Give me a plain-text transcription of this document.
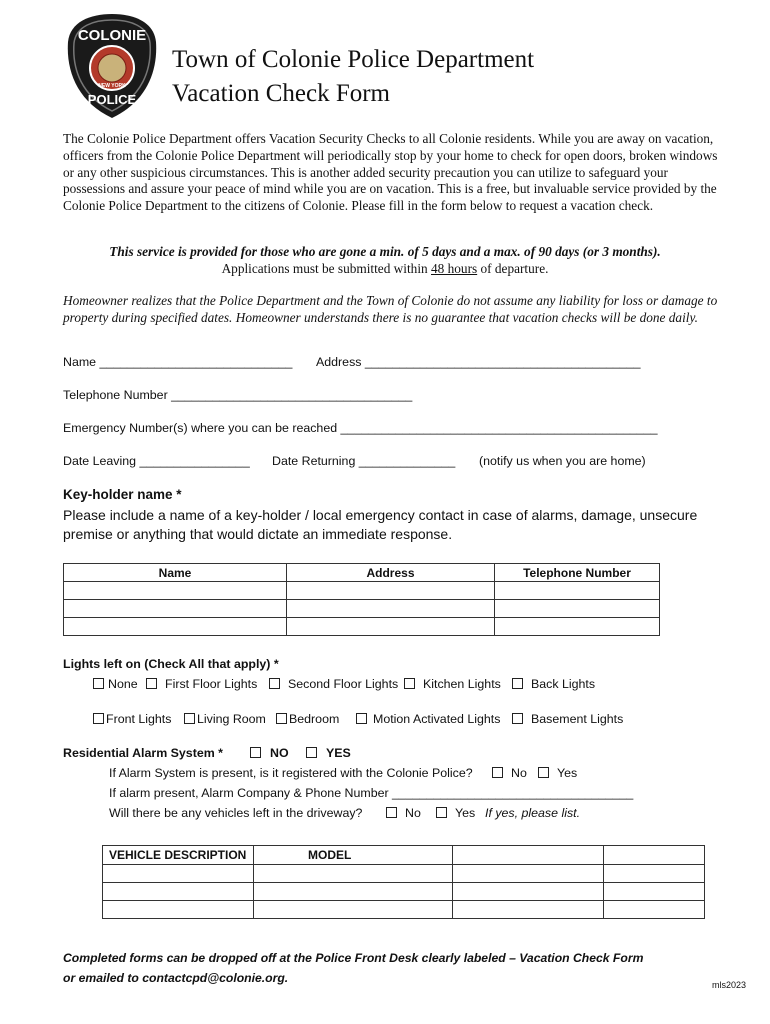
COLONIE
NEW YORK
POLICE
Town of Colonie Police Department
Vacation Check Form
The Colonie Police Department offers Vacation Security Checks to all Colonie residents. While you are away on vacation, officers from the Colonie Police Department will periodically stop by your home to check for open doors, broken windows or any other suspicious circumstances. This is another added security precaution you can utilize to safeguard your possessions and assure your peace of mind while you are on vacation. This is a free, but invaluable service provided by the Colonie Police Department to the citizens of Colonie. Please fill in the form below to request a vacation check.
This service is provided for those who are gone a min. of 5 days and a max. of 90 days (or 3 months).
Applications must be submitted within 48 hours of departure.
Homeowner realizes that the Police Department and the Town of Colonie do not assume any liability for loss or damage to property during specified dates. Homeowner understands there is no guarantee that vacation checks will be done daily.
Name ____________________________ Address ________________________________________
Telephone Number ___________________________________
Emergency Number(s) where you can be reached ______________________________________________
Date Leaving ________________ Date Returning ______________ (notify us when you are home)
Key-holder name *
Please include a name of a key-holder / local emergency contact in case of alarms, damage, unsecure premise or anything that would dictate an immediate response.
Name	Address	Telephone Number

Lights left on (Check All that apply) *
None	First Floor Lights	Second Floor Lights	Kitchen Lights	Back Lights
Front Lights	Living Room	Bedroom	Motion Activated Lights	Basement Lights
Residential Alarm System *	NO	YES
If Alarm System is present, is it registered with the Colonie Police?	No	Yes
If alarm present, Alarm Company & Phone Number ___________________________________
Will there be any vehicles left in the driveway?	No	Yes If yes, please list.
VEHICLE DESCRIPTION	MODEL		

Completed forms can be dropped off at the Police Front Desk clearly labeled – Vacation Check Form
or emailed to contactcpd@colonie.org.	mls2023
